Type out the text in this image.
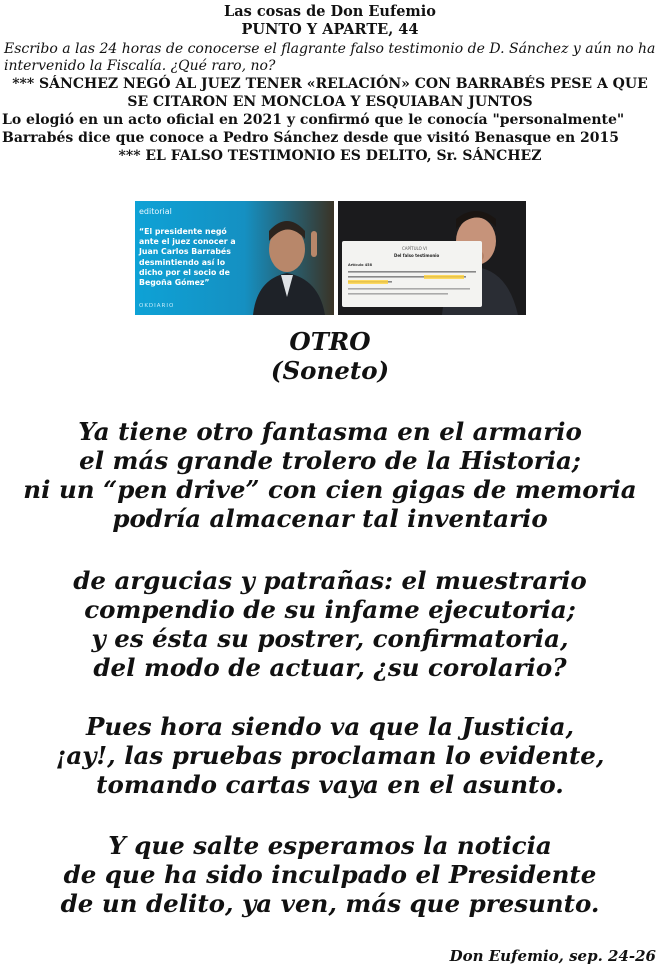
Las cosas de Don Eufemio
PUNTO Y APARTE, 44
Escribo a las 24 horas de conocerse el flagrante falso testimonio de D. Sánchez y aún no ha intervenido la Fiscalía. ¿Qué raro, no?
*** SÁNCHEZ NEGÓ AL JUEZ TENER «RELACIÓN» CON BARRABÉS PESE A QUE SE CITARON EN MONCLOA Y ESQUIABAN JUNTOS
Lo elogió en un acto oficial en 2021 y confirmó que le conocía "personalmente"
Barrabés dice que conoce a Pedro Sánchez desde que visitó Benasque en 2015
*** EL FALSO TESTIMONIO ES DELITO, Sr. SÁNCHEZ
editorial
“El presidente negó ante el juez conocer a Juan Carlos Barrabés desmintiendo así lo dicho por el socio de Begoña Gómez”
OKDIARIO
CAPÍTULO VI
Del falso testimonio
Artículo 458
OTRO
(Soneto)
Ya tiene otro fantasma en el armario
el más grande trolero de la Historia;
ni un “pen drive” con cien gigas de memoria
podría almacenar tal inventario
de argucias y patrañas: el muestrario
compendio de su infame ejecutoria;
y es ésta su postrer, confirmatoria,
del modo de actuar, ¿su corolario?
Pues hora siendo va que la Justicia,
¡ay!, las pruebas proclaman lo evidente,
tomando cartas vaya en el asunto.
Y que salte esperamos la noticia
de que ha sido inculpado el Presidente
de un delito, ya ven, más que presunto.
Don Eufemio, sep. 24-26
